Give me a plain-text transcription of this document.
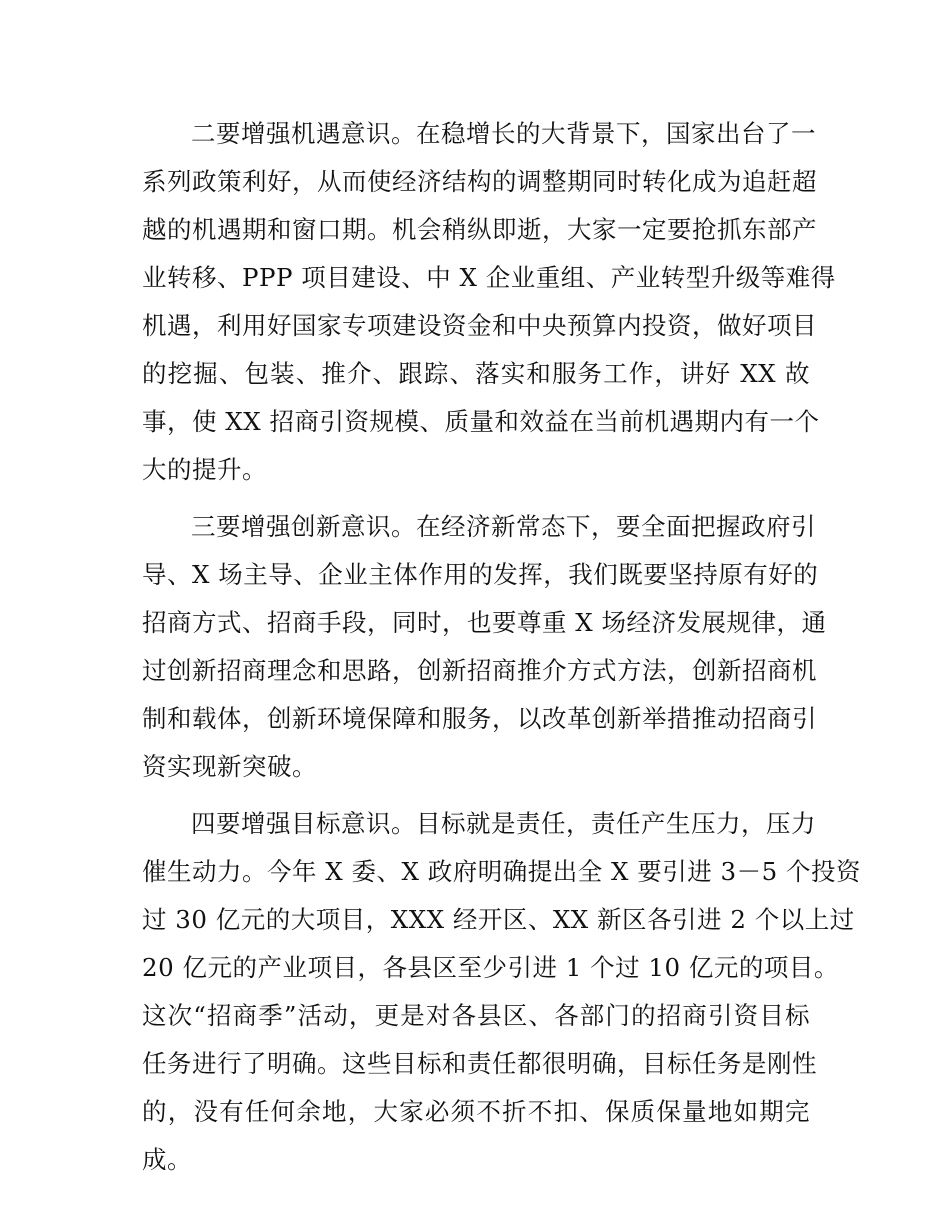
二要增强机遇意识。在稳增长的大背景下，国家出台了一
系列政策利好，从而使经济结构的调整期同时转化成为追赶超
越的机遇期和窗口期。机会稍纵即逝，大家一定要抢抓东部产
业转移、PPP 项目建设、中 X 企业重组、产业转型升级等难得
机遇，利用好国家专项建设资金和中央预算内投资，做好项目
的挖掘、包装、推介、跟踪、落实和服务工作，讲好 XX 故
事，使 XX 招商引资规模、质量和效益在当前机遇期内有一个
大的提升。
三要增强创新意识。在经济新常态下，要全面把握政府引
导、X 场主导、企业主体作用的发挥，我们既要坚持原有好的
招商方式、招商手段，同时，也要尊重 X 场经济发展规律，通
过创新招商理念和思路，创新招商推介方式方法，创新招商机
制和载体，创新环境保障和服务，以改革创新举措推动招商引
资实现新突破。
四要增强目标意识。目标就是责任，责任产生压力，压力
催生动力。今年 X 委、X 政府明确提出全 X 要引进 3－5 个投资
过 30 亿元的大项目，XXX 经开区、XX 新区各引进 2 个以上过
20 亿元的产业项目，各县区至少引进 1 个过 10 亿元的项目。
这次“招商季”活动，更是对各县区、各部门的招商引资目标
任务进行了明确。这些目标和责任都很明确，目标任务是刚性
的，没有任何余地，大家必须不折不扣、保质保量地如期完
成。
